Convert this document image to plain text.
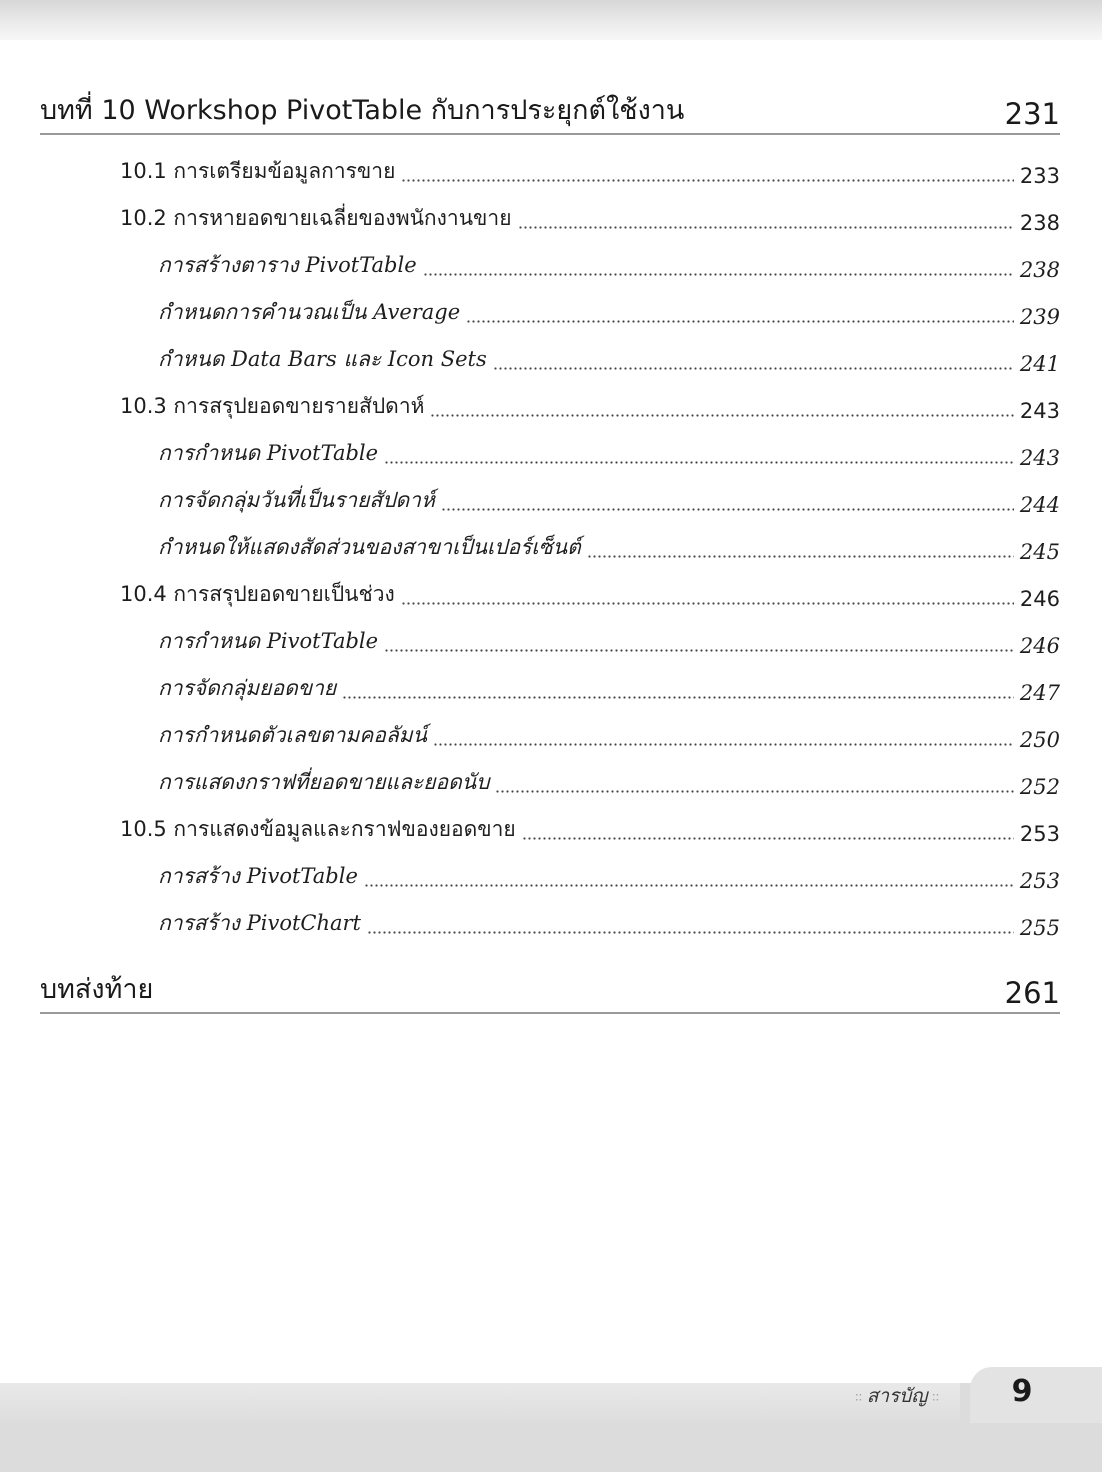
บทที่ 10 Workshop PivotTable กับการประยุกต์ใช้งาน	231
10.1 การเตรียมข้อมูลการขาย	233
10.2 การหายอดขายเฉลี่ยของพนักงานขาย	238
การสร้างตาราง PivotTable	238
กำหนดการคำนวณเป็น Average	239
กำหนด Data Bars และ Icon Sets	241
10.3 การสรุปยอดขายรายสัปดาห์	243
การกำหนด PivotTable	243
การจัดกลุ่มวันที่เป็นรายสัปดาห์	244
กำหนดให้แสดงสัดส่วนของสาขาเป็นเปอร์เซ็นต์	245
10.4 การสรุปยอดขายเป็นช่วง	246
การกำหนด PivotTable	246
การจัดกลุ่มยอดขาย	247
การกำหนดตัวเลขตามคอลัมน์	250
การแสดงกราฟที่ยอดขายและยอดนับ	252
10.5 การแสดงข้อมูลและกราฟของยอดขาย	253
การสร้าง PivotTable	253
การสร้าง PivotChart	255
บทส่งท้าย	261
∶∶ สารบัญ ∶∶	9
